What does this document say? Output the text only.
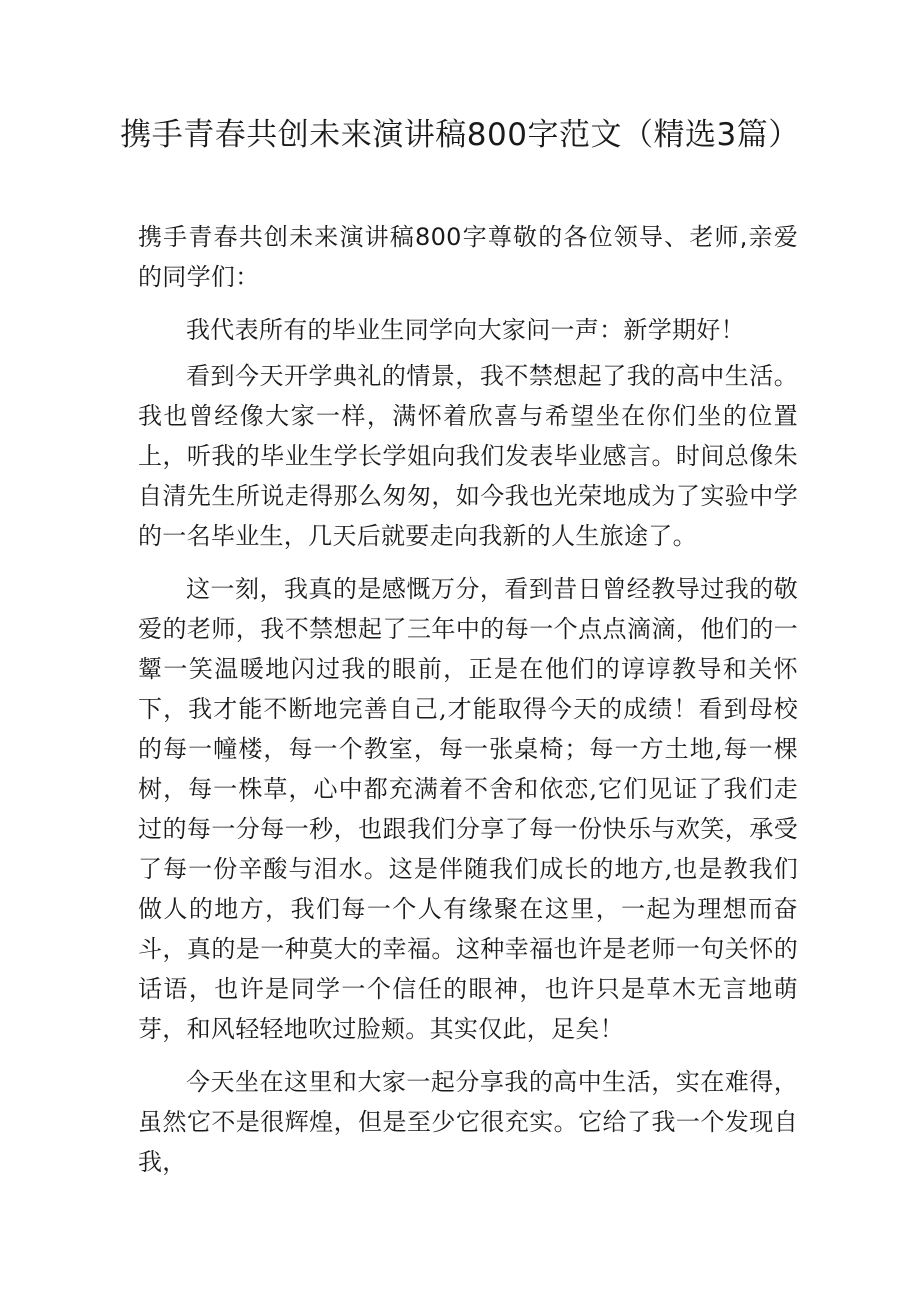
携手青春共创未来演讲稿800字范文（精选3篇）

携手青春共创未来演讲稿800字尊敬的各位领导、老师,亲爱的同学们：

我代表所有的毕业生同学向大家问一声：新学期好！

看到今天开学典礼的情景，我不禁想起了我的高中生活。我也曾经像大家一样，满怀着欣喜与希望坐在你们坐的位置上，听我的毕业生学长学姐向我们发表毕业感言。时间总像朱自清先生所说走得那么匆匆，如今我也光荣地成为了实验中学的一名毕业生，几天后就要走向我新的人生旅途了。

这一刻，我真的是感慨万分，看到昔日曾经教导过我的敬爱的老师，我不禁想起了三年中的每一个点点滴滴，他们的一颦一笑温暖地闪过我的眼前，正是在他们的谆谆教导和关怀下，我才能不断地完善自己,才能取得今天的成绩！看到母校的每一幢楼，每一个教室，每一张桌椅；每一方土地,每一棵树，每一株草，心中都充满着不舍和依恋,它们见证了我们走过的每一分每一秒，也跟我们分享了每一份快乐与欢笑，承受了每一份辛酸与泪水。这是伴随我们成长的地方,也是教我们做人的地方，我们每一个人有缘聚在这里，一起为理想而奋斗，真的是一种莫大的幸福。这种幸福也许是老师一句关怀的话语，也许是同学一个信任的眼神，也许只是草木无言地萌芽，和风轻轻地吹过脸颊。其实仅此，足矣！

今天坐在这里和大家一起分享我的高中生活，实在难得，虽然它不是很辉煌，但是至少它很充实。它给了我一个发现自我，
